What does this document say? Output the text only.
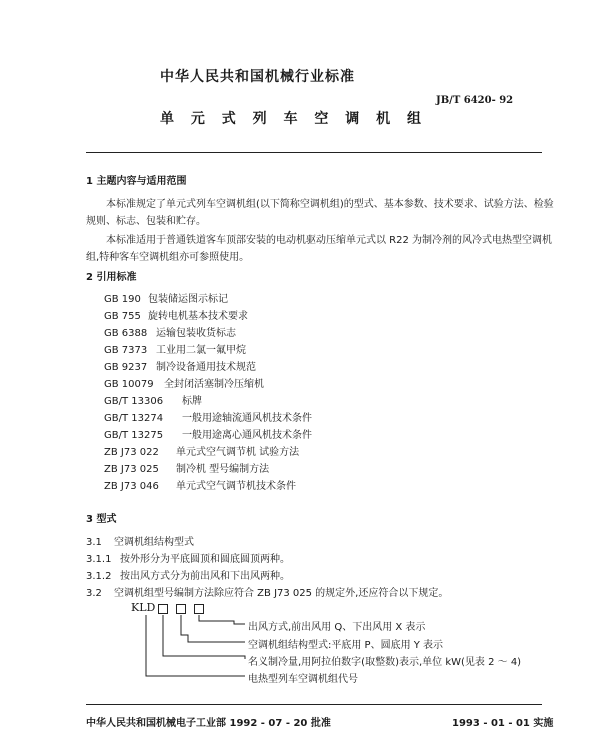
中华人民共和国机械行业标准
JB/T 6420- 92
单 元 式 列 车 空 调 机 组
1 主题内容与适用范围
本标准规定了单元式列车空调机组(以下简称空调机组)的型式、基本参数、技术要求、试验方法、检验规则、标志、包装和贮存。
本标准适用于普通铁道客车顶部安装的电动机驱动压缩单元式以 R22 为制冷剂的风冷式电热型空调机组,特种客车空调机组亦可参照使用。
2 引用标准
GB 190 包装储运图示标记
GB 755 旋转电机基本技术要求
GB 6388 运输包装收货标志
GB 7373 工业用二氯一氟甲烷
GB 9237 制冷设备通用技术规范
GB 10079 全封闭活塞制冷压缩机
GB/T 13306 标牌
GB/T 13274 一般用途轴流通风机技术条件
GB/T 13275 一般用途离心通风机技术条件
ZB J73 022 单元式空气调节机 试验方法
ZB J73 025 制冷机 型号编制方法
ZB J73 046 单元式空气调节机技术条件
3 型式
3.1 空调机组结构型式
3.1.1 按外形分为平底圆顶和圆底圆顶两种。
3.1.2 按出风方式分为前出风和下出风两种。
3.2 空调机组型号编制方法除应符合 ZB J73 025 的规定外,还应符合以下规定。
KLD
出风方式,前出风用 Q、下出风用 X 表示
空调机组结构型式:平底用 P、圆底用 Y 表示
名义制冷量,用阿拉伯数字(取整数)表示,单位 kW(见表 2 ～ 4)
电热型列车空调机组代号
中华人民共和国机械电子工业部 1992 - 07 - 20 批准	1993 - 01 - 01 实施
